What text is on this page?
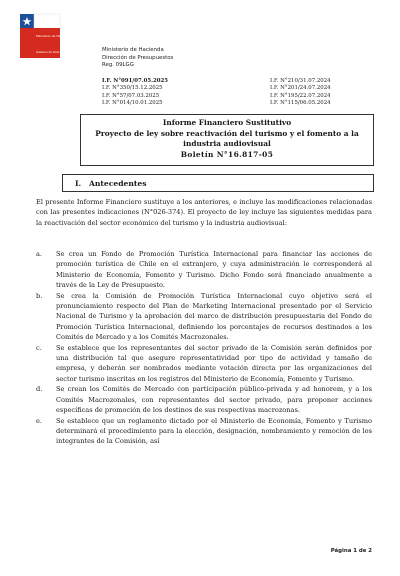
Ministerio de Hacienda
Gobierno de Chile	Ministerio de Hacienda
Dirección de Presupuestos
Reg. 09LGG
I.F. N°091/07.05.2025
I.F. N°350/15.12.2025
I.F. N°57/07.03.2025
I.F. N°014/10.01.2025
I.F. N°210/31.07.2024
I.F. N°201/24.07.2024
I.F. N°195/22.07.2024
I.F. N°115/06.05.2024
Informe Financiero Sustitutivo
Proyecto de ley sobre reactivación del turismo y el fomento a la industria audiovisual
Boletín N°16.817-05
I. Antecedentes
El presente Informe Financiero sustituye a los anteriores, e incluye las modificaciones relacionadas con las presentes indicaciones (N°026-374). El proyecto de ley incluye las siguientes medidas para la reactivación del sector económico del turismo y la industria audiovisual:
a. Se crea un Fondo de Promoción Turística Internacional para financiar las acciones de promoción turística de Chile en el extranjero, y cuya administración le corresponderá al Ministerio de Economía, Fomento y Turismo. Dicho Fondo será financiado anualmente a través de la Ley de Presupuesto.
b. Se crea la Comisión de Promoción Turística Internacional cuyo objetivo será el pronunciamiento respecto del Plan de Marketing Internacional presentado por el Servicio Nacional de Turismo y la aprobación del marco de distribución presupuestaria del Fondo de Promoción Turística Internacional, definiendo los porcentajes de recursos destinados a los Comités de Mercado y a los Comités Macrozonales.
c. Se establece que los representantes del sector privado de la Comisión serán definidos por una distribución tal que asegure representatividad por tipo de actividad y tamaño de empresa, y deberán ser nombrados mediante votación directa por las organizaciones del sector turismo inscritas en los registros del Ministerio de Economía, Fomento y Turismo.
d. Se crean los Comités de Mercado con participación público-privada y ad honorem, y a los Comités Macrozonales, con representantes del sector privado, para proponer acciones específicas de promoción de los destinos de sus respectivas macrozonas.
e. Se establece que un reglamento dictado por el Ministerio de Economía, Fomento y Turismo determinará el procedimiento para la elección, designación, nombramiento y remoción de los integrantes de la Comisión, así
Página 1 de 2
